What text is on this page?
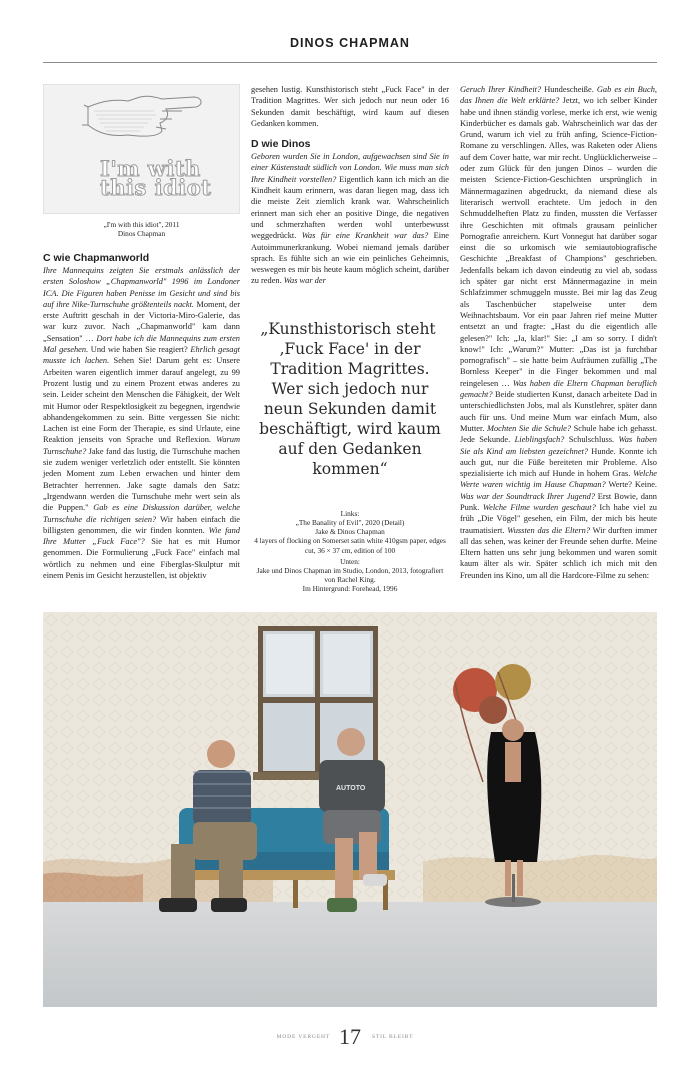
DINOS CHAPMAN
I'm with
this idiot
„I'm with this idiot", 2011
Dinos Chapman
C wie Chapmanworld

Ihre Mannequins zeigten Sie erstmals anlässlich der ersten Soloshow „Chapmanworld" 1996 im Londoner ICA. Die Figuren haben Penisse im Gesicht und sind bis auf ihre Nike-Turnschuhe größtenteils nackt. Moment, der erste Auftritt geschah in der Victoria-Miro-Galerie, das war kurz zuvor. Nach „Chapmanworld" kam dann „Sensation" … Dort habe ich die Mannequins zum ersten Mal gesehen. Und wie haben Sie reagiert? Ehrlich gesagt musste ich lachen. Sehen Sie! Darum geht es: Unsere Arbeiten waren eigentlich immer darauf angelegt, zu 99 Prozent lustig und zu einem Prozent etwas anderes zu sein. Leider scheint den Menschen die Fähigkeit, der Welt mit Humor oder Respektlosigkeit zu begegnen, irgendwie abhandengekommen zu sein. Bitte vergessen Sie nicht: Lachen ist eine Form der Therapie, es sind Urlaute, eine Reaktion jenseits von Sprache und Reflexion. Warum Turnschuhe? Jake fand das lustig, die Turnschuhe machen sie zudem weniger verletzlich oder entstellt. Sie könnten jeden Moment zum Leben erwachen und hinter dem Betrachter herrennen. Jake sagte damals den Satz: „Irgendwann werden die Turnschuhe mehr wert sein als die Puppen." Gab es eine Diskussion darüber, welche Turnschuhe die richtigen seien? Wir haben einfach die billigsten genommen, die wir finden konnten. Wie fand Ihre Mutter „Fuck Face"? Sie hat es mit Humor genommen. Die Formulierung „Fuck Face" einfach mal wörtlich zu nehmen und eine Fiberglas-Skulptur mit einem Penis im Gesicht herzustellen, ist objektiv

gesehen lustig. Kunsthistorisch steht „Fuck Face" in der Tradition Magrittes. Wer sich jedoch nur neun oder 16 Sekunden damit beschäftigt, wird kaum auf diesen Gedanken kommen.

D wie Dinos

Geboren wurden Sie in London, aufgewachsen sind Sie in einer Küstenstadt südlich von London. Wie muss man sich Ihre Kindheit vorstellen? Eigentlich kann ich mich an die Kindheit kaum erinnern, was daran liegen mag, dass ich die meiste Zeit ziemlich krank war. Wahrscheinlich erinnert man sich eher an positive Dinge, die negativen und schmerzhaften werden wohl unterbewusst weggedrückt. Was für eine Krankheit war das? Eine Autoimmunerkrankung. Wobei niemand jemals darüber sprach. Es fühlte sich an wie ein peinliches Geheimnis, weswegen es mir bis heute kaum möglich scheint, darüber zu reden. Was war der

„Kunsthistorisch steht ‚Fuck Face' in der Tradition Magrittes. Wer sich jedoch nur neun Sekunden damit beschäftigt, wird kaum auf den Gedanken kommen“
Links:
„The Banality of Evil", 2020 (Detail)
Jake & Dinos Chapman
4 layers of flocking on Somerset satin white 410gsm paper, edges cut, 36 × 37 cm, edition of 100
Unten:
Jake und Dinos Chapman im Studio, London, 2013, fotografiert von Rachel King.
Im Hintergrund: Forehead, 1996

Geruch Ihrer Kindheit? Hundescheiße. Gab es ein Buch, das Ihnen die Welt erklärte? Jetzt, wo ich selber Kinder habe und ihnen ständig vorlese, merke ich erst, wie wenig Kinderbücher es damals gab. Wahrscheinlich war das der Grund, warum ich viel zu früh anfing, Science-Fiction-Romane zu verschlingen. Alles, was Raketen oder Aliens auf dem Cover hatte, war mir recht. Unglücklicherweise – oder zum Glück für den jungen Dinos – wurden die meisten Science-Fiction-Geschichten ursprünglich in Männermagazinen abgedruckt, da niemand diese als literarisch wertvoll erachtete. Um jedoch in den Schmuddelheften Platz zu finden, mussten die Verfasser ihre Geschichten mit oftmals grausam peinlicher Pornografie anreichern. Kurt Vonnegut hat darüber sogar einst die so urkomisch wie semiautobiografische Geschichte „Breakfast of Champions" geschrieben. Jedenfalls bekam ich davon eindeutig zu viel ab, sodass ich später gar nicht erst Männermagazine in mein Schlafzimmer schmuggeln musste. Bei mir lag das Zeug als Taschenbücher stapelweise unter dem Weihnachtsbaum. Vor ein paar Jahren rief meine Mutter entsetzt an und fragte: „Hast du die eigentlich alle gelesen?" Ich: „Ja, klar!" Sie: „I am so sorry. I didn't know!" Ich: „Warum?" Mutter: „Das ist ja furchtbar pornografisch" – sie hatte beim Aufräumen zufällig „The Bornless Keeper" in die Finger bekommen und mal reingelesen … Was haben die Eltern Chapman beruflich gemacht? Beide studierten Kunst, danach arbeitete Dad in unterschiedlichsten Jobs, mal als Kunstlehrer, später dann auch für uns. Und meine Mum war einfach Mum, also Mutter. Mochten Sie die Schule? Schule habe ich gehasst. Jede Sekunde. Lieblingsfach? Schulschluss. Was haben Sie als Kind am liebsten gezeichnet? Hunde. Konnte ich auch gut, nur die Füße bereiteten mir Probleme. Also spezialisierte ich mich auf Hunde in hohem Gras. Welche Werte waren wichtig im Hause Chapman? Werte? Keine. Was war der Soundtrack Ihrer Jugend? Erst Bowie, dann Punk. Welche Filme wurden geschaut? Ich habe viel zu früh „Die Vögel" gesehen, ein Film, der mich bis heute traumatisiert. Wussten das die Eltern? Wir durften immer all das sehen, was keiner der Freunde sehen durfte. Meine Eltern hatten uns sehr jung bekommen und waren somit kaum älter als wir. Später schlich ich mich mit den Freunden ins Kino, um all die Hardcore-Filme zu sehen:

AUTOTO
MODE VERGEHT 17	STIL BLEIBT
